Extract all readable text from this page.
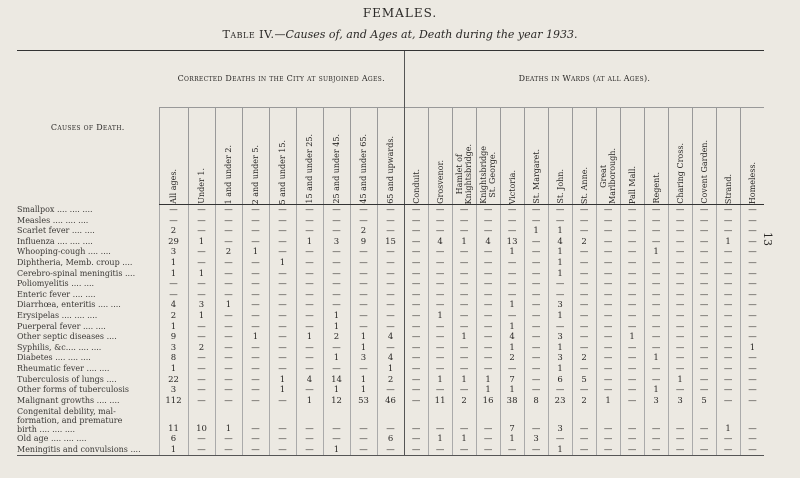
FEMALES.
Table IV.—Causes of, and Ages at, Death during the year 1933.
13
Causes of Death.	Corrected Deaths in the City at subjoined Ages.									Deaths in Wards (at all Ages).														

	All ages.	Under 1.	1 and under 2.	2 and under 5.	5 and under 15.	15 and under 25.	25 and under 45.	45 and under 65.	65 and upwards.	Conduit.	Grosvenor.	Hamlet of
Knightsbridge.	Knightsbridge
St. George.	Victoria.	St. Margaret.	St. John.	St. Anne.	Great
Marlborough.	Pall Mall.	Regent.	Charing Cross.	Covent Garden.	Strand.	Homeless.

Smallpox .... .... ....	—	—	—	—	—	—	—	—	—	—	—	—	—	—	—	—	—	—	—	—	—	—	—	—
Measles .... .... ....	—	—	—	—	—	—	—	—	—	—	—	—	—	—	—	—	—	—	—	—	—	—	—	—
Scarlet fever .... ....	2	—	—	—	—	—	—	2	—	—	—	—	—	—	1	1	—	—	—	—	—	—	—	—
Influenza .... .... ....	29	1	—	—	—	1	3	9	15	—	4	1	4	13	—	4	2	—	—	—	—	—	1	—
Whooping-cough .... ....	3	—	2	1	—	—	—	—	—	—	—	—	—	1	—	1	—	—	—	1	—	—	—	—
Diphtheria, Memb. croup ....	1	—	—	—	1	—	—	—	—	—	—	—	—	—	—	1	—	—	—	—	—	—	—	—
Cerebro-spinal meningitis ....	1	1	—	—	—	—	—	—	—	—	—	—	—	—	—	1	—	—	—	—	—	—	—	—
Poliomyelitis .... ....	—	—	—	—	—	—	—	—	—	—	—	—	—	—	—	—	—	—	—	—	—	—	—	—
Enteric fever .... ....	—	—	—	—	—	—	—	—	—	—	—	—	—	—	—	—	—	—	—	—	—	—	—	—
Diarrhœa, enteritis .... ....	4	3	1	—	—	—	—	—	—	—	—	—	—	1	—	3	—	—	—	—	—	—	—	—
Erysipelas .... .... ....	2	1	—	—	—	—	1	—	—	—	1	—	—	—	—	1	—	—	—	—	—	—	—	—
Puerperal fever .... ....	1	—	—	—	—	—	1	—	—	—	—	—	—	1	—	—	—	—	—	—	—	—	—	—
Other septic diseases ....	9	—	—	1	—	1	2	1	4	—	—	1	—	4	—	3	—	—	1	—	—	—	—	—
Syphilis, &c.... .... ....	3	2	—	—	—	—	—	1	—	—	—	—	—	1	—	1	—	—	—	—	—	—	—	1
Diabetes .... .... ....	8	—	—	—	—	—	1	3	4	—	—	—	—	2	—	3	2	—	—	1	—	—	—	—
Rheumatic fever .... ....	1	—	—	—	—	—	—	—	1	—	—	—	—	—	—	1	—	—	—	—	—	—	—	—
Tuberculosis of lungs ....	22	—	—	—	1	4	14	1	2	—	1	1	1	7	—	6	5	—	—	—	1	—	—	—
Other forms of tuberculosis	3	—	—	—	1	—	1	1	—	—	—	—	1	1	—	—	—	—	—	1	—	—	—	—
Malignant growths .... ....	112	—	—	—	—	1	12	53	46	—	11	2	16	38	8	23	2	1	—	3	3	5	—	—
Congenital debility, mal-
formation, and premature
birth .... .... ....	11	10	1	—	—	—	—	—	—	—	—	—	—	7	—	3	—	—	—	—	—	—	1	—
Old age .... .... ....	6	—	—	—	—	—	—	—	6	—	1	1	—	1	3	—	—	—	—	—	—	—	—	—
Meningitis and convulsions ....	1	—	—	—	—	—	1	—	—	—	—	—	—	—	—	1	—	—	—	—	—	—	—	—
